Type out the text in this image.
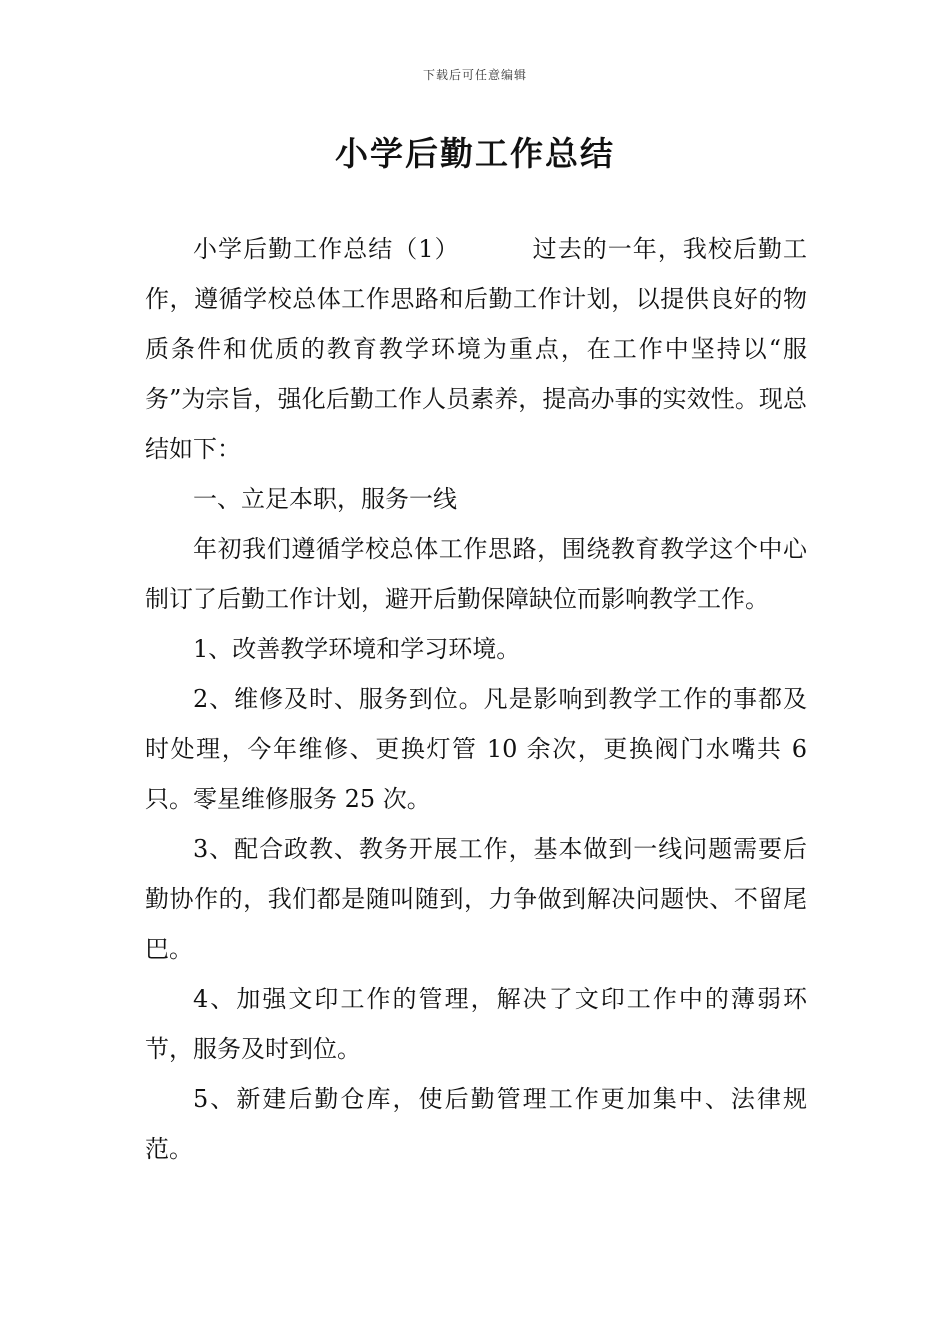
下载后可任意编辑
小学后勤工作总结

小学后勤工作总结（1）	过去的一年，我校后勤工作，遵循学校总体工作思路和后勤工作计划，以提供良好的物质条件和优质的教育教学环境为重点，在工作中坚持以“服务”为宗旨，强化后勤工作人员素养，提高办事的实效性。现总结如下：

一、立足本职，服务一线

年初我们遵循学校总体工作思路，围绕教育教学这个中心制订了后勤工作计划，避开后勤保障缺位而影响教学工作。

1、改善教学环境和学习环境。

2、维修及时、服务到位。凡是影响到教学工作的事都及时处理，今年维修、更换灯管 10 余次，更换阀门水嘴共 6 只。零星维修服务 25 次。

3、配合政教、教务开展工作，基本做到一线问题需要后勤协作的，我们都是随叫随到，力争做到解决问题快、不留尾巴。

4、加强文印工作的管理，解决了文印工作中的薄弱环节，服务及时到位。

5、新建后勤仓库，使后勤管理工作更加集中、法律规范。
